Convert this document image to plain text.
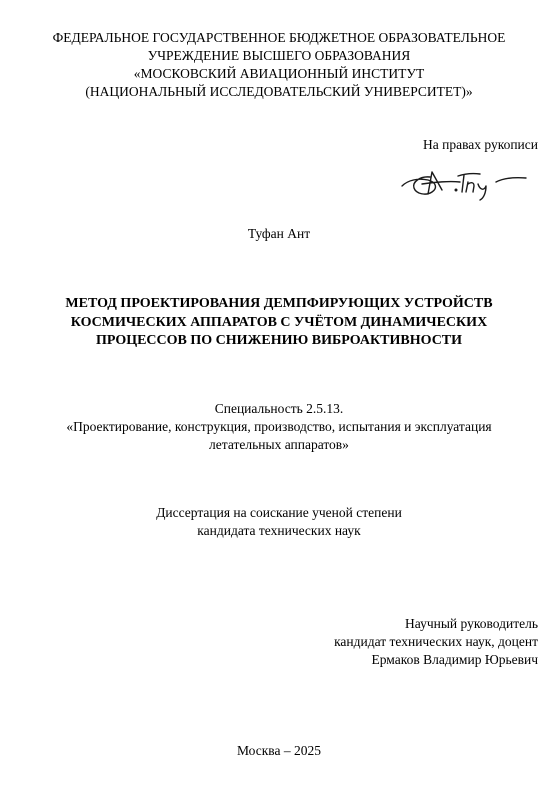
ФЕДЕРАЛЬНОЕ ГОСУДАРСТВЕННОЕ БЮДЖЕТНОЕ ОБРАЗОВАТЕЛЬНОЕ
УЧРЕЖДЕНИЕ ВЫСШЕГО ОБРАЗОВАНИЯ
«МОСКОВСКИЙ АВИАЦИОННЫЙ ИНСТИТУТ
(НАЦИОНАЛЬНЫЙ ИССЛЕДОВАТЕЛЬСКИЙ УНИВЕРСИТЕТ)»
На правах рукописи
Туфан Ант
МЕТОД ПРОЕКТИРОВАНИЯ ДЕМПФИРУЮЩИХ УСТРОЙСТВ
КОСМИЧЕСКИХ АППАРАТОВ С УЧЁТОМ ДИНАМИЧЕСКИХ
ПРОЦЕССОВ ПО СНИЖЕНИЮ ВИБРОАКТИВНОСТИ
Специальность 2.5.13.
«Проектирование, конструкция, производство, испытания и эксплуатация
летательных аппаратов»
Диссертация на соискание ученой степени
кандидата технических наук
Научный руководитель
кандидат технических наук, доцент
Ермаков Владимир Юрьевич
Москва – 2025
